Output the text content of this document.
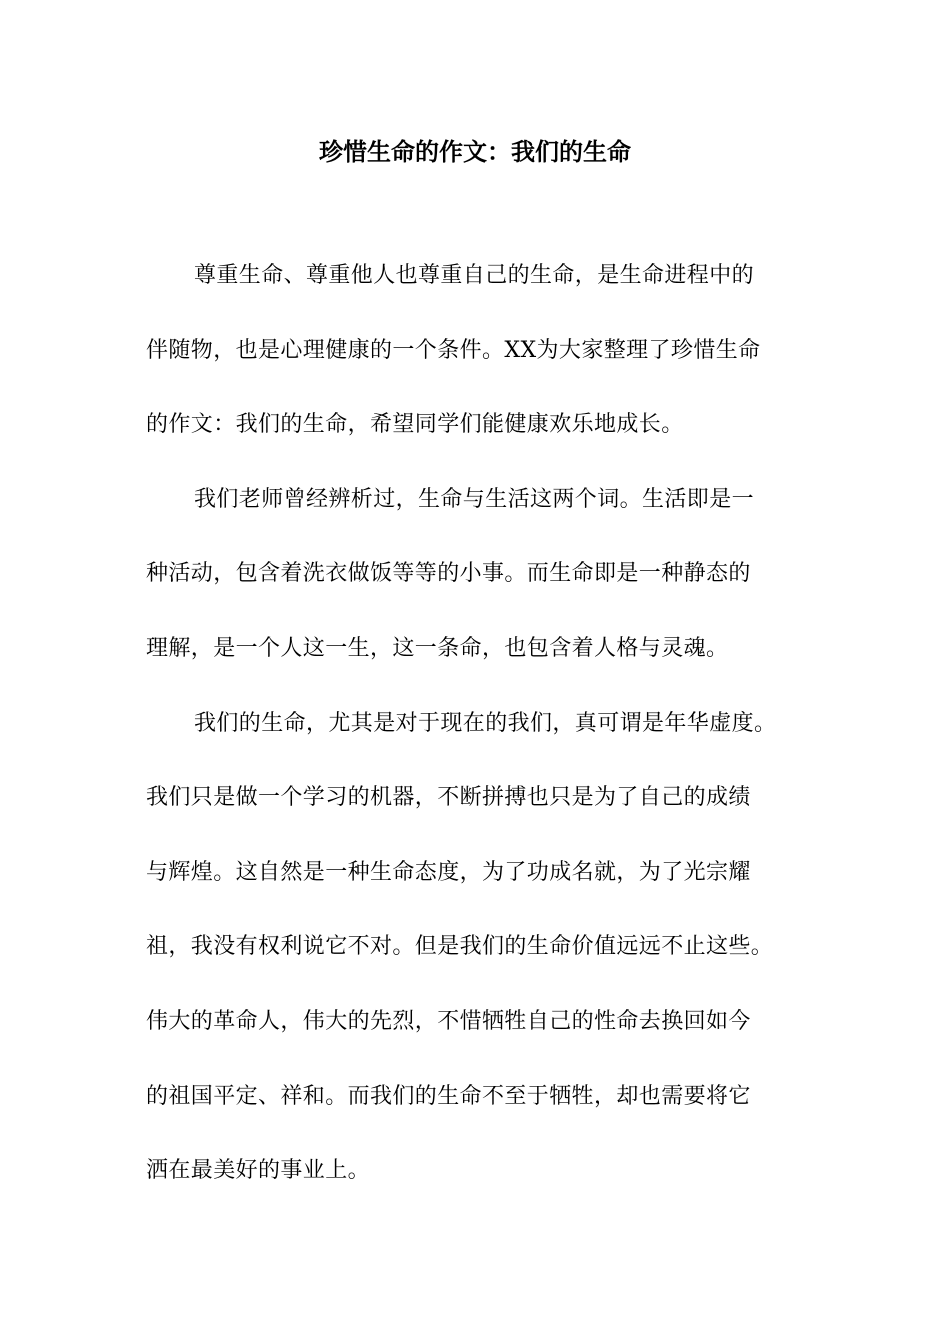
珍惜生命的作文：我们的生命
尊重生命、尊重他人也尊重自己的生命，是生命进程中的
伴随物，也是心理健康的一个条件。XX为大家整理了珍惜生命
的作文：我们的生命，希望同学们能健康欢乐地成长。
我们老师曾经辨析过，生命与生活这两个词。生活即是一
种活动，包含着洗衣做饭等等的小事。而生命即是一种静态的
理解，是一个人这一生，这一条命，也包含着人格与灵魂。
我们的生命，尤其是对于现在的我们，真可谓是年华虚度。
我们只是做一个学习的机器，不断拼搏也只是为了自己的成绩
与辉煌。这自然是一种生命态度，为了功成名就，为了光宗耀
祖，我没有权利说它不对。但是我们的生命价值远远不止这些。
伟大的革命人，伟大的先烈，不惜牺牲自己的性命去换回如今
的祖国平定、祥和。而我们的生命不至于牺牲，却也需要将它
洒在最美好的事业上。
